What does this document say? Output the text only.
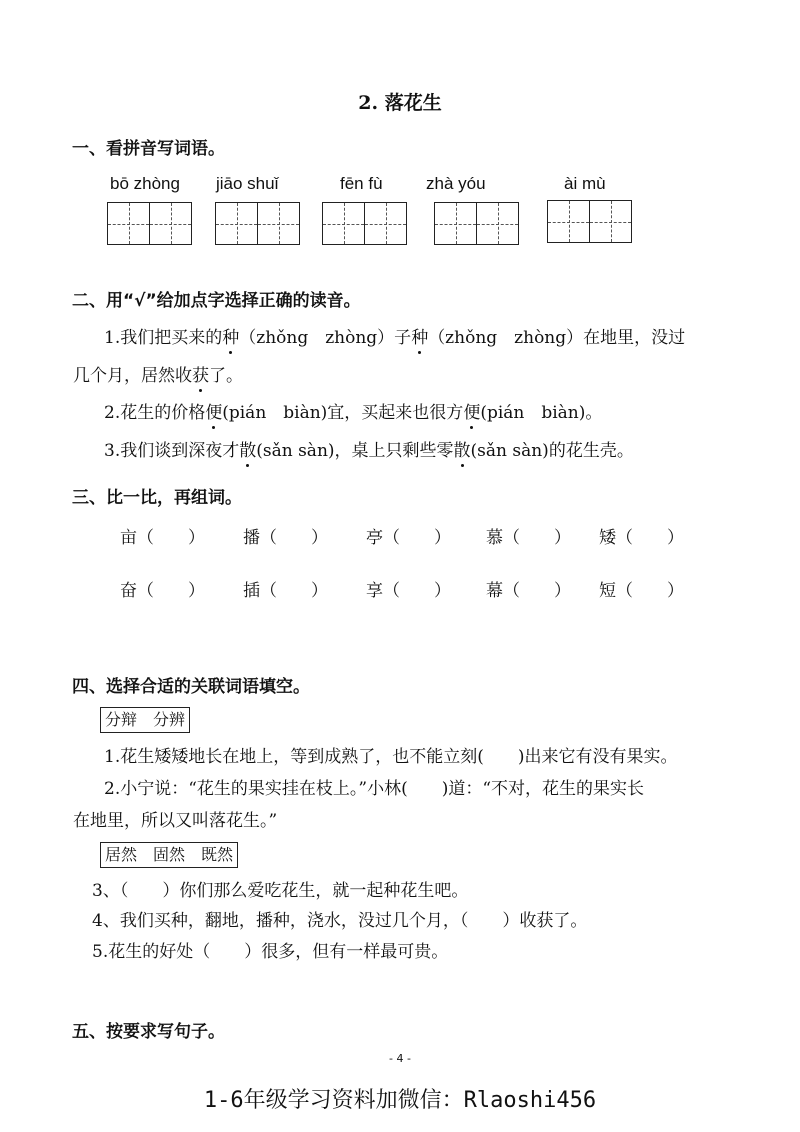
2. 落花生
一、看拼音写词语。
bō zhòng jiāo shuǐ	fēn fù	zhà yóu	ài mù
二、用“√”给加点字选择正确的读音。
1.我们把买来的种（zhǒng　zhòng）子种（zhǒng　zhòng）在地里，没过
几个月，居然收获了。
2.花生的价格便(pián　biàn)宜，买起来也很方便(pián　biàn)。
3.我们谈到深夜才散(sǎn sàn)，桌上只剩些零散(sǎn sàn)的花生壳。
三、比一比，再组词。
亩（　　） 播（　　） 亭（　　） 慕（　　） 矮（　　）
奋（　　） 插（　　） 享（　　） 幕（　　） 短（　　）
四、选择合适的关联词语填空。
分辩　分辨
1.花生矮矮地长在地上，等到成熟了，也不能立刻(　　)出来它有没有果实。
2.小宁说：“花生的果实挂在枝上。”小林(　　)道：“不对，花生的果实长
在地里，所以又叫落花生。”
居然　固然　既然
3、（　　）你们那么爱吃花生，就一起种花生吧。
4、我们买种，翻地，播种，浇水，没过几个月，（　　）收获了。
5.花生的好处（　　）很多，但有一样最可贵。
五、按要求写句子。
- 4 -
1-6年级学习资料加微信：Rlaoshi456
